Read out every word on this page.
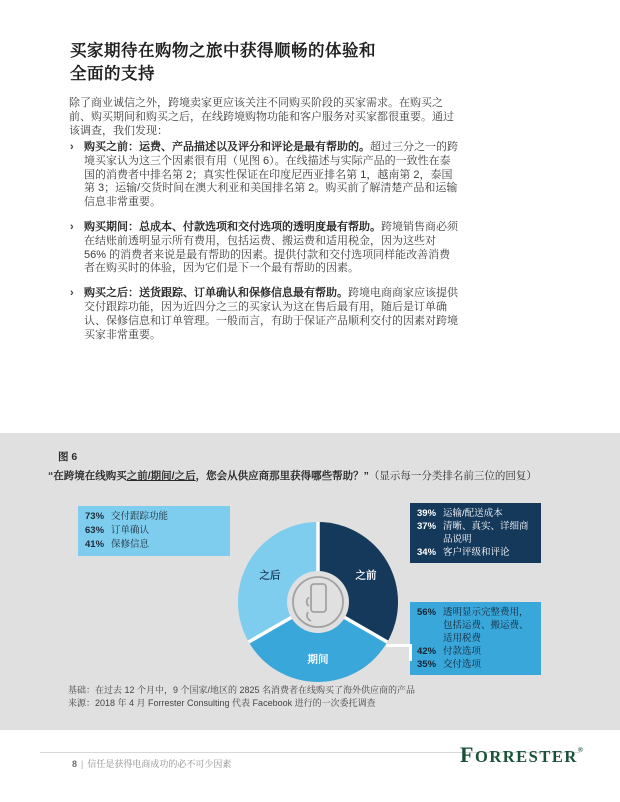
买家期待在购物之旅中获得顺畅的体验和
全面的支持
除了商业诚信之外，跨境卖家更应该关注不同购买阶段的买家需求。在购买之前、购买期间和购买之后，在线跨境购物功能和客户服务对买家都很重要。通过该调查，我们发现：
› 购买之前：运费、产品描述以及评分和评论是最有帮助的。超过三分之一的跨境买家认为这三个因素很有用（见图 6）。在线描述与实际产品的一致性在泰国的消费者中排名第 2；真实性保证在印度尼西亚排名第 1，越南第 2，泰国第 3；运输/交货时间在澳大利亚和美国排名第 2。购买前了解清楚产品和运输信息非常重要。
› 购买期间：总成本、付款选项和交付选项的透明度最有帮助。跨境销售商必须在结账前透明显示所有费用，包括运费、搬运费和适用税金，因为这些对 56% 的消费者来说是最有帮助的因素。提供付款和交付选项同样能改善消费者在购买时的体验，因为它们是下一个最有帮助的因素。
› 购买之后：送货跟踪、订单确认和保修信息最有帮助。跨境电商商家应该提供交付跟踪功能，因为近四分之三的买家认为这在售后最有用，随后是订单确认、保修信息和订单管理。一般而言，有助于保证产品顺利交付的因素对跨境买家非常重要。
图 6
“在跨境在线购买之前/期间/之后，您会从供应商那里获得哪些帮助？”（显示每一分类排名前三位的回复）
73% 交付跟踪功能
63% 订单确认
41% 保修信息
39% 运输/配送成本
37% 清晰、真实、详细商品说明
34% 客户评级和评论
56% 透明显示完整费用，包括运费、搬运费、适用税费
42% 付款选项
35% 交付选项
之前
期间
之后
基础：在过去 12 个月中，9 个国家/地区的 2825 名消费者在线购买了海外供应商的产品
来源：2018 年 4 月 Forrester Consulting 代表 Facebook 进行的一次委托调查
8 | 信任是获得电商成功的必不可少因素	FORRESTER®
